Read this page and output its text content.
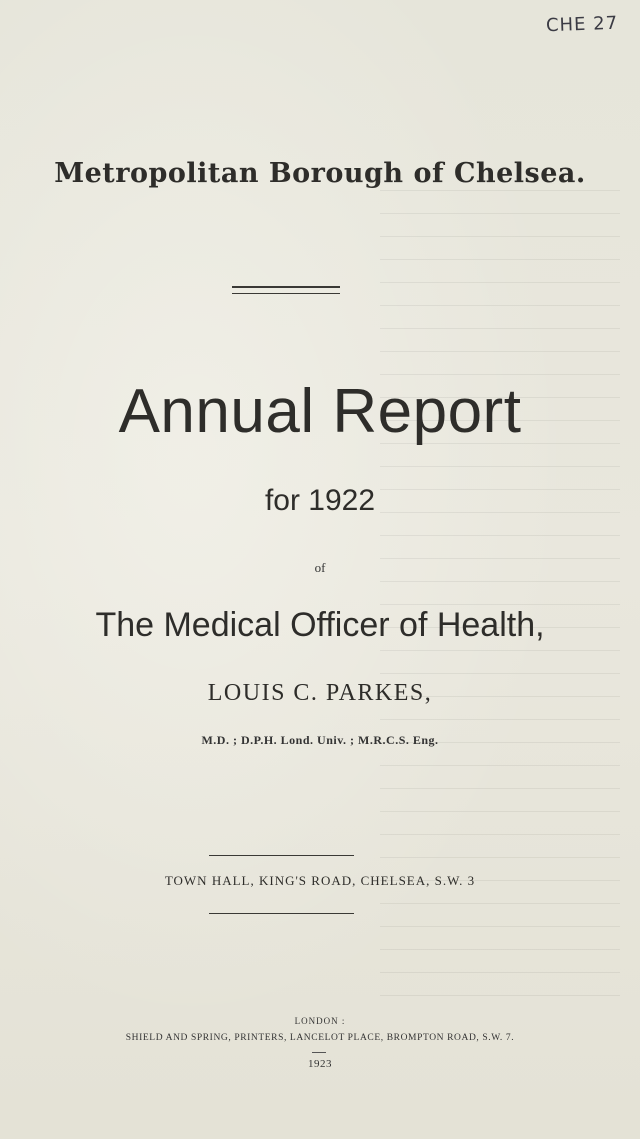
CHE 27
Metropolitan Borough of Chelsea.
Annual Report
for 1922
of
The Medical Officer of Health,
LOUIS C. PARKES,
M.D. ; D.P.H. Lond. Univ. ; M.R.C.S. Eng.
TOWN HALL, KING'S ROAD, CHELSEA, S.W. 3
LONDON :
SHIELD AND SPRING, PRINTERS, LANCELOT PLACE, BROMPTON ROAD, S.W. 7.
1923
